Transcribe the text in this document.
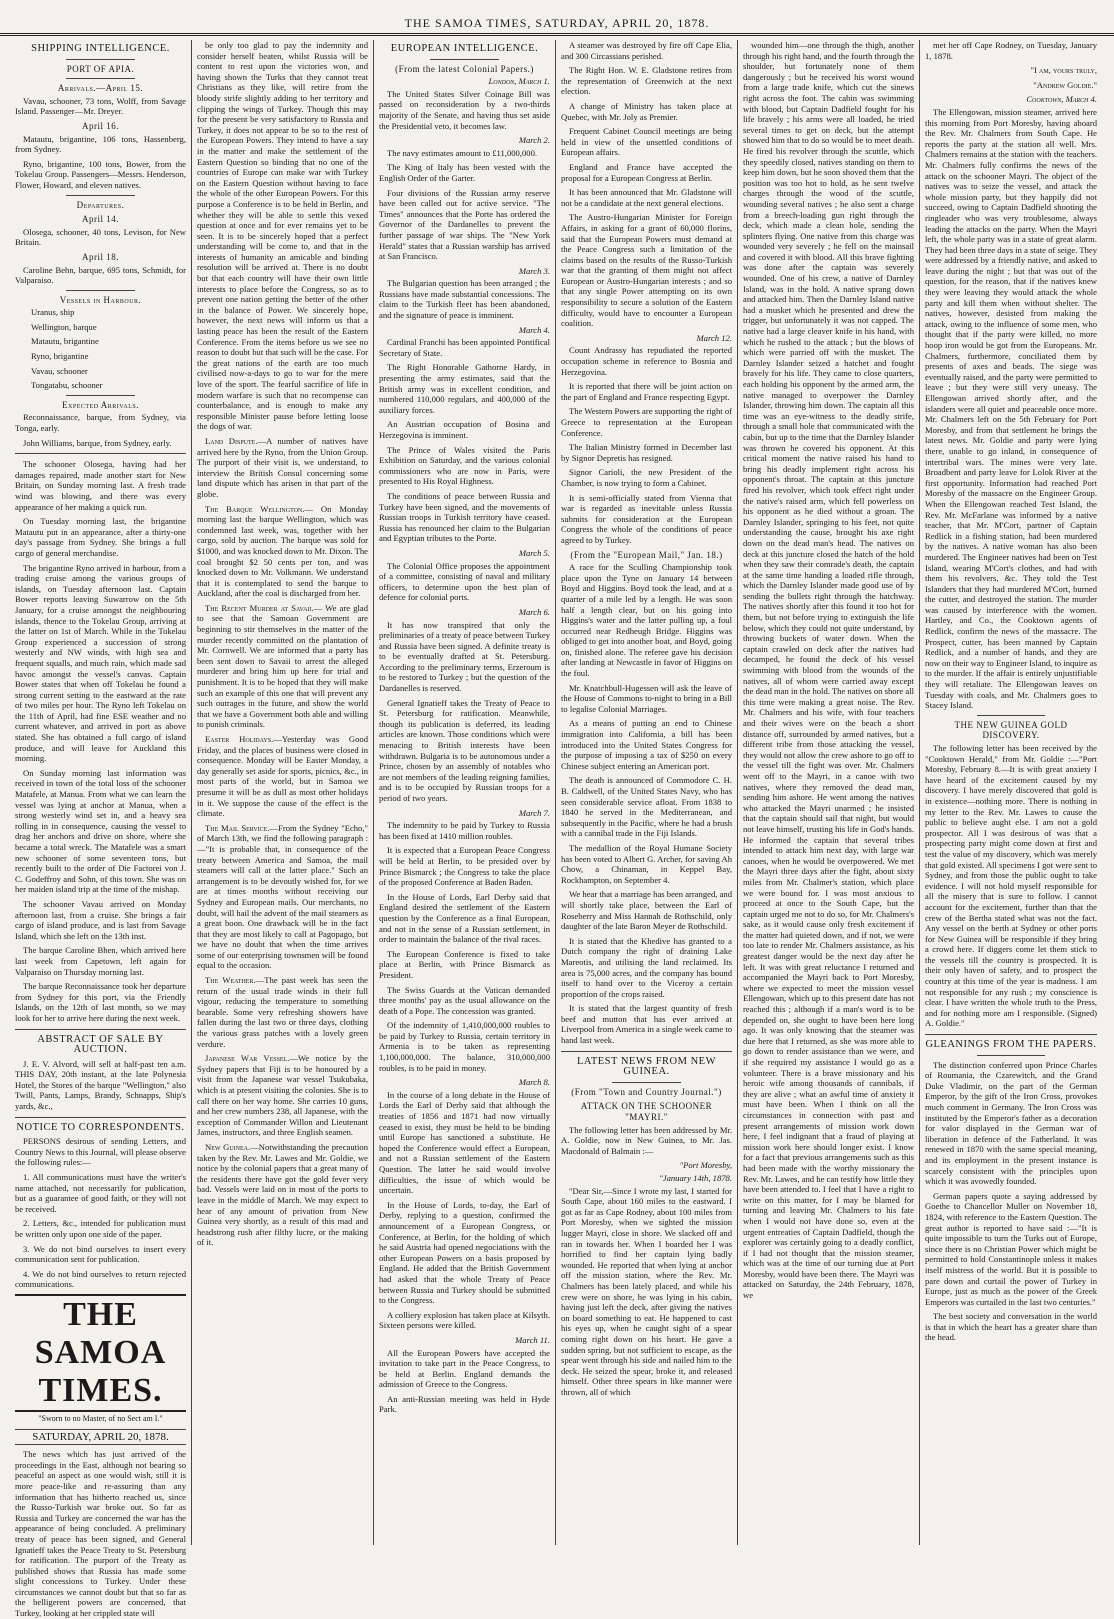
THE SAMOA TIMES, SATURDAY, APRIL 20, 1878.
SHIPPING INTELLIGENCE.
PORT OF APIA.
Arrivals.—April 15.

Vavau, schooner, 73 tons, Wolff, from Savage Island. Passenger—Mr. Dreyer.

April 16.

Matautu, brigantine, 106 tons, Hassenberg, from Sydney.

Ryno, brigantine, 100 tons, Bower, from the Tokelau Group. Passengers—Messrs. Henderson, Flower, Howard, and eleven natives.

Departures.
April 14.

Olosega, schooner, 40 tons, Levison, for New Britain.

April 18.

Caroline Behn, barque, 695 tons, Schmidt, for Valparaiso.

Vessels in Harbour.

Uranus, ship

Wellington, barque

Matautu, brigantine

Ryno, brigantine

Vavau, schooner

Tongatabu, schooner

Expected Arrivals.

Reconnaissance, barque, from Sydney, via Tonga, early.

John Williams, barque, from Sydney, early.

The schooner Olosega, having had her damages repaired, made another start for New Britain, on Sunday morning last. A fresh trade wind was blowing, and there was every appearance of her making a quick run.

On Tuesday morning last, the brigantine Matautu put in an appearance, after a thirty-one day's passage from Sydney. She brings a full cargo of general merchandise.

The brigantine Ryno arrived in harbour, from a trading cruise among the various groups of islands, on Tuesday afternoon last. Captain Bower reports leaving Suwarrow on the 5th January, for a cruise amongst the neighbouring islands, thence to the Tokelau Group, arriving at the latter on 1st of March. While in the Tokelau Group experienced a succession of strong westerly and NW winds, with high sea and frequent squalls, and much rain, which made sad havoc amongst the vessel's canvas. Captain Bower states that when off Tokelau he found a strong current setting to the eastward at the rate of two miles per hour. The Ryno left Tokelau on the 11th of April, had fine ESE weather and no current whatever, and arrived in port as above stated. She has obtained a full cargo of island produce, and will leave for Auckland this morning.

On Sunday morning last information was received in town of the total loss of the schooner Matafele, at Manua. From what we can learn the vessel was lying at anchor at Manua, when a strong westerly wind set in, and a heavy sea rolling in in consequence, causing the vessel to drag her anchors and drive on shore, where she became a total wreck. The Matafele was a smart new schooner of some seventeen tons, but recently built to the order of Die Factorei von J. C. Godeffroy and Sohn, of this town. She was on her maiden island trip at the time of the mishap.

The schooner Vavau arrived on Monday afternoon last, from a cruise. She brings a fair cargo of island produce, and is last from Savage Island, which she left on the 13th inst.

The barque Caroline Bhen, which arrived here last week from Capetown, left again for Valparaiso on Thursday morning last.

The barque Reconnaissance took her departure from Sydney for this port, via the Friendly Islands, on the 12th of last month, so we may look for her to arrive here during the next week.

ABSTRACT OF SALE BY AUCTION.

J. E. V. Alvord, will sell at half-past ten a.m. THIS DAY, 20th instant, at the late Polynesia Hotel, the Stores of the barque "Wellington," also Twill, Pants, Lamps, Brandy, Schnapps, Ship's yards, &c.,

NOTICE TO CORRESPONDENTS.

PERSONS desirous of sending Letters, and Country News to this Journal, will please observe the following rules:—

1. All communications must have the writer's name attached, not necessarily for publication, but as a guarantee of good faith, or they will not be received.

2. Letters, &c., intended for publication must be written only upon one side of the paper.

3. We do not bind ourselves to insert every communication sent for publication.

4. We do not bind ourselves to return rejected communications.

THE SAMOA TIMES.
"Sworn to no Master, of no Sect am I."
SATURDAY, APRIL 20, 1878.

The news which has just arrived of the proceedings in the East, although not bearing so peaceful an aspect as one would wish, still it is more peace-like and re-assuring than any information that has hitherto reached us, since the Russo-Turkish war broke out. So far as Russia and Turkey are concerned the war has the appearance of being concluded. A preliminary treaty of peace has been signed, and General Ignatieff takes the Peace Treaty to St. Petersburg for ratification. The purport of the Treaty as published shows that Russia has made some slight concessions to Turkey. Under these circumstances we cannot doubt but that so far as the belligerent powers are concerned, that Turkey, looking at her crippled state will

be only too glad to pay the indemnity and consider herself beaten, whilst Russia will be content to rest upon the victories won, and having shown the Turks that they cannot treat Christians as they like, will retire from the bloody strife slightly adding to her territory and clipping the wings of Turkey. Though this may for the present be very satisfactory to Russia and Turkey, it does not appear to be so to the rest of the European Powers. They intend to have a say in the matter and make the settlement of the Eastern Question so binding that no one of the countries of Europe can make war with Turkey on the Eastern Question without having to face the whole of the other European Powers. For this purpose a Conference is to be held in Berlin, and whether they will be able to settle this vexed question at once and for ever remains yet to be seen. It is to be sincerely hoped that a perfect understanding will be come to, and that in the interests of humanity an amicable and binding resolution will be arrived at. There is no doubt but that each country will have their own little interests to place before the Congress, so as to prevent one nation getting the better of the other in the balance of Power. We sincerely hope, however, the next news will inform us that a lasting peace has been the result of the Eastern Conference. From the items before us we see no reason to doubt but that such will be the case. For the great nations of the earth are too much civilised now-a-days to go to war for the mere love of the sport. The fearful sacrifice of life in modern warfare is such that no recompense can counterbalance, and is enough to make any responsible Minister pause before letting loose the dogs of war.

Land Dispute.—A number of natives have arrived here by the Ryno, from the Union Group. The purport of their visit is, we understand, to interview the British Consul concerning some land dispute which has arisen in that part of the globe.

The Barque Wellington.— On Monday morning last the barque Wellington, which was condemned last week, was, together with her cargo, sold by auction. The barque was sold for $1000, and was knocked down to Mr. Dixon. The coal brought $2 50 cents per ton, and was knocked down to Mr. Volkmann. We understand that it is contemplated to send the barque to Auckland, after the coal is discharged from her.

The Recent Murder at Savaii.— We are glad to see that the Samoan Government are beginning to stir themselves in the matter of the murder recently committed on the plantation of Mr. Cornwell. We are informed that a party has been sent down to Savaii to arrest the alleged murderer and bring him up here for trial and punishment. It is to be hoped that they will make such an example of this one that will prevent any such outrages in the future, and show the world that we have a Government both able and willing to punish criminals.

Easter Holidays.—Yesterday was Good Friday, and the places of business were closed in consequence. Monday will be Easter Monday, a day generally set aside for sports, picnics, &c., in most parts of the world, but in Samoa we presume it will be as dull as most other holidays in it. We suppose the cause of the effect is the climate.

The Mail Service.—From the Sydney "Echo," of March 13th, we find the following paragraph :—"It is probable that, in consequence of the treaty between America and Samoa, the mail steamers will call at the latter place." Such an arrangement is to be devoutly wished for, for we are at times months without receiving our Sydney and European mails. Our merchants, no doubt, will hail the advent of the mail steamers as a great boon. One drawback will be in the fact that they are most likely to call at Pagopago, but we have no doubt that when the time arrives some of our enterprising townsmen will be found equal to the occasion.

The Weather.—The past week has seen the return of the usual trade winds in their full vigour, reducing the temperature to something bearable. Some very refreshing showers have fallen during the last two or three days, clothing the various grass patches with a lovely green verdure.

Japanese War Vessel.—We notice by the Sydney papers that Fiji is to be honoured by a visit from the Japanese war vessel Tsukubaka, which is at present visiting the colonies. She is to call there on her way home. She carries 10 guns, and her crew numbers 238, all Japanese, with the exception of Commander Willon and Lieutenant James, instructors, and three English seamen.

New Guinea.—Notwithstanding the precaution taken by the Rev. Mr. Lawes and Mr. Goldie, we notice by the colonial papers that a great many of the residents there have got the gold fever very bad. Vessels were laid on in most of the ports to leave in the middle of March. We may expect to hear of any amount of privation from New Guinea very shortly, as a result of this mad and headstrong rush after filthy lucre, or the making of it.

EUROPEAN INTELLIGENCE.
(From the latest Colonial Papers.)
London, March 1.

The United States Silver Coinage Bill was passed on reconsideration by a two-thirds majority of the Senate, and having thus set aside the Presidential veto, it becomes law.

March 2.

The navy estimates amount to £11,000,000.

The King of Italy has been vested with the English Order of the Garter.

Four divisions of the Russian army reserve have been called out for active service. "The Times" announces that the Porte has ordered the Governor of the Dardanelles to prevent the further passage of war ships. The "New York Herald" states that a Russian warship has arrived at San Francisco.

March 3.

The Bulgarian question has been arranged ; the Russians have made substantial concessions. The claim to the Turkish fleet has been abandoned, and the signature of peace is imminent.

March 4.

Cardinal Franchi has been appointed Pontifical Secretary of State.

The Right Honorable Gathorne Hardy, in presenting the army estimates, said that the British army was in excellent condition, and numbered 110,000 regulars, and 400,000 of the auxiliary forces.

An Austrian occupation of Bosina and Herzegovina is imminent.

The Prince of Wales visited the Paris Exhibition on Saturday, and the various colonial commissioners who are now in Paris, were presented to His Royal Highness.

The conditions of peace between Russia and Turkey have been signed, and the movements of Russian troops in Turkish territory have ceased. Russia has renounced her claim to the Bulgarian and Egyptian tributes to the Porte.

March 5.

The Colonial Office proposes the appointment of a committee, consisting of naval and military officers, to determine upon the best plan of defence for colonial ports.

March 6.

It has now transpired that only the preliminaries of a treaty of peace between Turkey and Russia have been signed. A definite treaty is to be eventually drafted at St. Petersburg. According to the preliminary terms, Erzeroum is to be restored to Turkey ; but the question of the Dardanelles is reserved.

General Ignatieff takes the Treaty of Peace to St. Petersburg for ratification. Meanwhile, though its publication is deferred, its leading articles are known. Those conditions which were menacing to British interests have been withdrawn. Bulgaria is to be autonomous under a Prince, chosen by an assembly of notables who are not members of the leading reigning families, and is to be occupied by Russian troops for a period of two years.

March 7.

The indemnity to be paid by Turkey to Russia has been fixed at 1410 million roubles.

It is expected that a European Peace Congress will be held at Berlin, to be presided over by Prince Bismarck ; the Congress to take the place of the proposed Conference at Baden Baden.

In the House of Lords, Earl Derby said that England desired the settlement of the Eastern question by the Conference as a final European, and not in the sense of a Russian settlement, in order to maintain the balance of the rival races.

The European Conference is fixed to take place at Berlin, with Prince Bismarck as President.

The Swiss Guards at the Vatican demanded three months' pay as the usual allowance on the death of a Pope. The concession was granted.

Of the indemnity of 1,410,000,000 roubles to be paid by Turkey to Russia, certain territory in Armenia is to be taken as representing 1,100,000,000. The balance, 310,000,000 roubles, is to be paid in money.

March 8.

In the course of a long debate in the House of Lords the Earl of Derby said that although the treaties of 1856 and 1871 had now virtually ceased to exist, they must be held to be binding until Europe has sanctioned a substitute. He hoped the Conference would effect a European, and not a Russian settlement of the Eastern Question. The latter he said would involve difficulties, the issue of which would be uncertain.

In the House of Lords, to-day, the Earl of Derby, replying to a question, confirmed the announcement of a European Congress, or Conference, at Berlin, for the holding of which he said Austria had opened negociations with the other European Powers on a basis proposed by England. He added that the British Government had asked that the whole Treaty of Peace between Russia and Turkey should be submitted to the Congress.

A colliery explosion has taken place at Kilsyth. Sixteen persons were killed.

March 11.

All the European Powers have accepted the invitation to take part in the Peace Congress, to be held at Berlin. England demands the admission of Greece to the Congress.

An anti-Russian meeting was held in Hyde Park.

A steamer was destroyed by fire off Cape Elia, and 300 Circassians perished.

The Right Hon. W. E. Gladstone retires from the representation of Greenwich at the next election.

A change of Ministry has taken place at Quebec, with Mr. Joly as Premier.

Frequent Cabinet Council meetings are being held in view of the unsettled conditions of European affairs.

England and France have accepted the proposal for a European Congress at Berlin.

It has been announced that Mr. Gladstone will not be a candidate at the next general elections.

The Austro-Hungarian Minister for Foreign Affairs, in asking for a grant of 60,000 florins, said that the European Powers must demand at the Peace Congress such a limitation of the claims based on the results of the Russo-Turkish war that the granting of them might not affect European or Austro-Hungarian interests ; and so that any single Power attempting on its own responsibility to secure a solution of the Eastern difficulty, would have to encounter a European coalition.

March 12.

Count Andrassy has repudiated the reported occupation scheme in reference to Bosnia and Herzegovina.

It is reported that there will be joint action on the part of England and France respecting Egypt.

The Western Powers are supporting the right of Greece to representation at the European Conference.

The Italian Ministry formed in December last by Signor Depretis has resigned.

Signor Carioli, the new President of the Chamber, is now trying to form a Cabinet.

It is semi-officially stated from Vienna that war is regarded as inevitable unless Russia submits for consideration at the European Congress the whole of the conditions of peace agreed to by Turkey.

(From the "European Mail," Jan. 18.)

A race for the Sculling Championship took place upon the Tyne on January 14 between Boyd and Higgins. Boyd took the lead, and at a quarter of a mile led by a length. He was soon half a length clear, but on his going into Higgins's water and the latter pulling up, a foul occurred near Redheugh Bridge. Higgins was obliged to get into another boat, and Boyd, going on, finished alone. The referee gave his decision after landing at Newcastle in favor of Higgins on the foul.

Mr. Knatchbull-Hugessen will ask the leave of the House of Commons to-night to bring in a Bill to legalise Colonial Marriages.

As a means of putting an end to Chinese immigration into California, a bill has been introduced into the United States Congress for the purpose of imposing a tax of $250 on every Chinese subject entering an American port.

The death is announced of Commodore C. H. B. Caldwell, of the United States Navy, who has seen considerable service afloat. From 1838 to 1840 he served in the Mediterranean, and subsequently in the Pacific, where he had a brush with a cannibal trade in the Fiji Islands.

The medallion of the Royal Humane Society has been voted to Albert G. Archer, for saving Ah Chow, a Chinaman, in Keppel Bay, Rockhampton, on September 4.

We hear that a marriage has been arranged, and will shortly take place, between the Earl of Roseberry and Miss Hannah de Rothschild, only daughter of the late Baron Meyer de Rothschild.

It is stated that the Khedive has granted to a Dutch company the right of draining Lake Mareotis, and utilising the land reclaimed. Its area is 75,000 acres, and the company has bound itself to hand over to the Viceroy a certain proportion of the crops raised.

It is stated that the largest quantity of fresh beef and mutton that has ever arrived at Liverpool from America in a single week came to hand last week.

LATEST NEWS FROM NEW GUINEA.
(From "Town and Country Journal.")
ATTACK ON THE SCHOONER "MAYRI."

The following letter has been addressed by Mr. A. Goldie, now in New Guinea, to Mr. Jas. Macdonald of Balmain :—

"Port Moresby,
"January 14th, 1878.

"Dear Sir,—Since I wrote my last, I started for South Cape, about 160 miles to the eastward. I got as far as Cape Rodney, about 100 miles from Port Moresby, when we sighted the mission lugger Mayri, close in shore. We slacked off and ran in towards her. When I boarded her I was horrified to find her captain lying badly wounded. He reported that when lying at anchor off the mission station, where the Rev. Mr. Chalmers has been lately placed, and while his crew were on shore, he was lying in his cabin, having just left the deck, after giving the natives on board something to eat. He happened to cast his eyes up, when he caught sight of a spear coming right down on his heart. He gave a sudden spring, but not sufficient to escape, as the spear went through his side and nailed him to the deck. He seized the spear, broke it, and released himself. Other three spears in like manner were thrown, all of which

wounded him—one through the thigh, another through his right hand, and the fourth through the shoulder, but fortunately none of them dangerously ; but he received his worst wound from a large trade knife, which cut the sinews right across the foot. The cabin was swimming with blood, but Captain Dadfield fought for his life bravely ; his arms were all loaded, he tried several times to get on deck, but the attempt showed him that to do so would be to meet death. He fired his revolver through the scuttle, which they speedily closed, natives standing on them to keep him down, but he soon shoved them that the position was too hot to hold, as he sent twelve charges through the wood of the scuttle, wounding several natives ; he also sent a charge from a breech-loading gun right through the deck, which made a clean hole, sending the splinters flying. One native from this charge was wounded very severely ; he fell on the mainsail and covered it with blood. All this brave fighting was done after the captain was severely wounded. One of his crew, a native of Darnley Island, was in the hold. A native sprang down and attacked him. Then the Darnley Island native had a musket which he presented and drew the trigger, but unfortunately it was not capped. The native had a large cleaver knife in his hand, with which he rushed to the attack ; but the blows of which were parried off with the musket. The Darnley Islander seized a hatchet and fought bravely for his life. They came to close quarters, each holding his opponent by the armed arm, the native managed to overpower the Darnley Islander, throwing him down. The captain all this time was an eye-witness to the deadly strife, through a small hole that communicated with the cabin, but up to the time that the Darnley Islander was thrown he covered his opponent. At this critical moment the native raised his hand to bring his deadly implement right across his opponent's throat. The captain at this juncture fired his revolver, which took effect right under the native's raised arm, which fell powerless on his opponent as he died without a groan. The Darnley Islander, springing to his feet, not quite understanding the cause, brought his axe right down on the dead man's head. The natives on deck at this juncture closed the hatch of the hold when they saw their comrade's death, the captain at the same time handing a loaded rifle through, which the Darnley Islander made good use of by sending the bullets right through the hatchway. The natives shortly after this found it too hot for them, but not before trying to extinguish the life below, which they could not quite understand, by throwing buckets of water down. When the captain crawled on deck after the natives had decamped, he found the deck of his vessel swimming with blood from the wounds of the natives, all of whom were carried away except the dead man in the hold. The natives on shore all this time were making a great noise. The Rev. Mr. Chalmers and his wife, with four teachers and their wives were on the beach a short distance off, surrounded by armed natives, but a different tribe from those attacking the vessel, they would not allow the crew ashore to go off to the vessel till the fight was over. Mr. Chalmers went off to the Mayri, in a canoe with two natives, where they removed the dead man, sending him ashore. He went among the natives who attacked the Mayri unarmed ; he insisted that the captain should sail that night, but would not leave himself, trusting his life in God's hands. He informed the captain that several tribes intended to attack him next day, with large war canoes, when he would be overpowered. We met the Mayri three days after the fight, about sixty miles from Mr. Chalmer's station, which place we were bound for. I was most anxious to proceed at once to the South Cape, but the captain urged me not to do so, for Mr. Chalmers's sake, as it would cause only fresh excitement if the matter had quieted down, and if not, we were too late to render Mr. Chalmers assistance, as his greatest danger would be the next day after he left. It was with great reluctance I returned and accompanied the Mayri back to Port Moresby, where we expected to meet the mission vessel Ellengowan, which up to this present date has not reached this ; although if a man's word is to be depended on, she ought to have been here long ago. It was only knowing that the steamer was due here that I returned, as she was more able to go down to render assistance than we were, and if she required my assistance I would go as a volunteer. There is a brave missionary and his heroic wife among thousands of cannibals, if they are alive ; what an awful time of anxiety it must have been. When I think on all the circumstances in connection with past and present arrangements of mission work down here, I feel indignant that a fraud of playing at mission work here should longer exist. I know for a fact that previous arrangements such as this had been made with the worthy missionary the Rev. Mr. Lawes, and he can testify how little they have been attended to. I feel that I have a right to write on this matter, for I may be blamed for turning and leaving Mr. Chalmers to his fate when I would not have done so, even at the urgent entreaties of Captain Dadfield, though the explorer was certainly going to a deadly conflict, if I had not thought that the mission steamer, which was at the time of our turning due at Port Moresby, would have been there. The Mayri was attacked on Saturday, the 24th February, 1878, we

met her off Cape Rodney, on Tuesday, January 1, 1878.

"I am, yours truly,

"Andrew Goldie."

Cooktown, March 4.

The Ellengowan, mission steamer, arrived here this morning from Port Moresby, having aboard the Rev. Mr. Chalmers from South Cape. He reports the party at the station all well. Mrs. Chalmers remains at the station with the teachers. Mr. Chalmers fully confirms the news of the attack on the schooner Mayri. The object of the natives was to seize the vessel, and attack the whole mission party, but they happily did not succeed, owing to Captain Dadfield shooting the ringleader who was very troublesome, always leading the attacks on the party. When the Mayri left, the whole party was in a state of great alarm. They had been three days in a state of seige. They were addressed by a friendly native, and asked to leave during the night ; but that was out of the question, for the reason, that if the natives knew they were leaving they would attack the whole party and kill them when without shelter. The natives, however, desisted from making the attack, owing to the influence of some men, who thought that if the party were killed, no more hoop iron would be got from the Europeans. Mr. Chalmers, furthermore, conciliated them by presents of axes and beads. The siege was eventually raised, and the party were permitted to leave ; but they were still very uneasy. The Ellengowan arrived shortly after, and the islanders were all quiet and peaceable once more. Mr. Chalmers left on the 5th February for Port Moresby, and from that settlement he brings the latest news. Mr. Goldie and party were lying there, unable to go inland, in consequence of intertribal wars. The mines were very late. Broadbent and party leave for Lolok River at the first opportunity. Information had reached Port Moresby of the massacre on the Engineer Group. When the Ellengowan reached Test Island, the Rev. Mr. McFarlane was informed by a native teacher, that Mr. M'Cort, partner of Captain Redlick in a fishing station, had been murdered by the natives. A native woman has also been murdered. The Engineer natives had been on Test Island, wearing M'Cort's clothes, and had with them his revolvers, &c. They told the Test Islanders that they had murdered M'Cort, burned the cutter, and destroyed the station. The murder was caused by interference with the women. Hartley, and Co., the Cooktown agents of Redlick, confirm the news of the massacre. The Prospect, cutter, has been manned by Captain Redlick, and a number of hands, and they are now on their way to Engineer Island, to inquire as to the murder. If the affair is entirely unjustifiable they will retaliate. The Ellengowan leaves on Tuesday with coals, and Mr. Chalmers goes to Stacey Island.

THE NEW GUINEA GOLD DISCOVERY.

The following letter has been received by the "Cooktown Herald," from Mr. Goldie :—"Port Moresby, February 8.—It is with great anxiety I have heard of the excitement caused by my discovery. I have merely discovered that gold is in existence—nothing more. There is nothing in my letter to the Rev. Mr. Lawes to cause the public to believe aught else. I am not a gold prospector. All I was desirous of was that a prospecting party might come down at first and test the value of my discovery, which was merely that gold existed. All specimens I got were sent to Sydney, and from those the public ought to take evidence. I will not hold myself responsible for all the misery that is sure to follow. I cannot account for the excitement, further than that the crew of the Bertha stated what was not the fact. Any vessel on the berth at Sydney or other ports for New Guinea will be responsible if they bring a crowd here. If diggers come let them stick to the vessels till the country is prospected. It is their only haven of safety, and to prospect the country at this time of the year is madness. I am not responsible for any rush ; my conscience is clear. I have written the whole truth to the Press, and for nothing more am I responsible. (Signed) A. Goldie."

GLEANINGS FROM THE PAPERS.

The distinction conferred upon Prince Charles of Roumania, the Czarewitch, and the Grand Duke Vladimir, on the part of the German Emperor, by the gift of the Iron Cross, provokes much comment in Germany. The Iron Cross was instituted by the Emperor's father as a decoration for valor displayed in the German war of liberation in defence of the Fatherland. It was renewed in 1870 with the same special meaning, and its employment in the present instance is scarcely consistent with the principles upon which it was avowedly founded.

German papers quote a saying addressed by Goethe to Chancellor Muller on November 18, 1824, with reference to the Eastern Question. The great author is reported to have said :—"It is quite impossible to turn the Turks out of Europe, since there is no Christian Power which might be permitted to hold Constantinople unless it makes itself mistress of the world. But it is possible to pare down and curtail the power of Turkey in Europe, just as much as the power of the Greek Emperors was curtailed in the last two centuries."

The best society and conversation in the world is that in which the heart has a greater share than the head.
